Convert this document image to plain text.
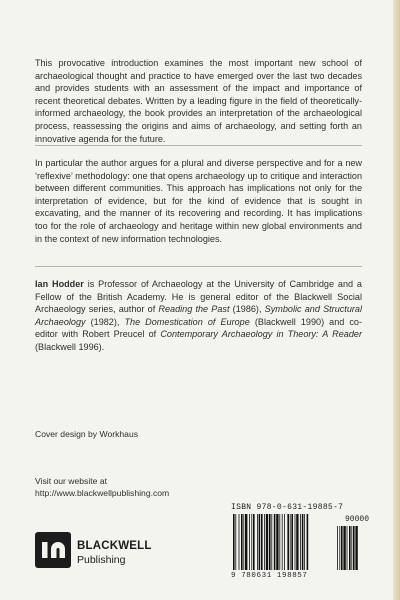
This provocative introduction examines the most important new school of archaeological thought and practice to have emerged over the last two decades and provides students with an assessment of the impact and importance of recent theoretical debates. Written by a leading figure in the field of theoretically-informed archaeology, the book provides an interpretation of the archaeological process, reassessing the origins and aims of archaeology, and setting forth an innovative agenda for the future.

In particular the author argues for a plural and diverse perspective and for a new ‘reflexive’ methodology: one that opens archaeology up to critique and interaction between different communities. This approach has implications not only for the interpretation of evidence, but for the kind of evidence that is sought in excavating, and the manner of its recovering and recording. It has implications too for the role of archaeology and heritage within new global environments and in the context of new information technologies.

Ian Hodder is Professor of Archaeology at the University of Cambridge and a Fellow of the British Academy. He is general editor of the Blackwell Social Archaeology series, author of Reading the Past (1986), Symbolic and Structural Archaeology (1982), The Domestication of Europe (Blackwell 1990) and co-editor with Robert Preucel of Contemporary Archaeology in Theory: A Reader (Blackwell 1996).

Cover design by Workhaus

Visit our website at
http://www.blackwellpublishing.com
BLACKWELL
Publishing
ISBN 978-0-631-19885-7
90000
9 780631 198857
